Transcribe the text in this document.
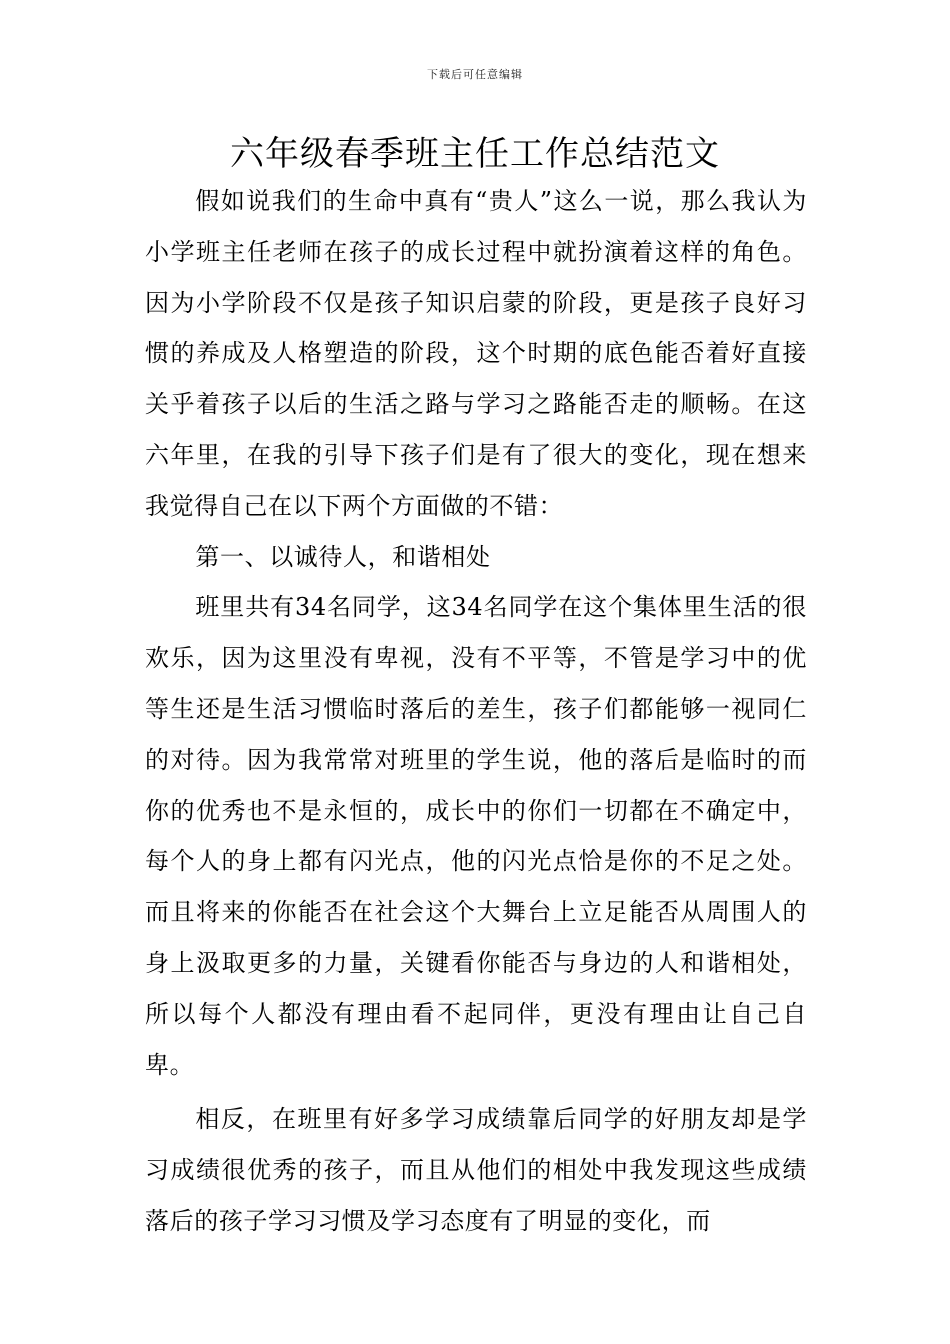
下载后可任意编辑
六年级春季班主任工作总结范文

假如说我们的生命中真有“贵人”这么一说，那么我认为小学班主任老师在孩子的成长过程中就扮演着这样的角色。因为小学阶段不仅是孩子知识启蒙的阶段，更是孩子良好习惯的养成及人格塑造的阶段，这个时期的底色能否着好直接关乎着孩子以后的生活之路与学习之路能否走的顺畅。在这六年里，在我的引导下孩子们是有了很大的变化，现在想来我觉得自己在以下两个方面做的不错：

第一、以诚待人，和谐相处

班里共有34名同学，这34名同学在这个集体里生活的很欢乐，因为这里没有卑视，没有不平等，不管是学习中的优等生还是生活习惯临时落后的差生，孩子们都能够一视同仁的对待。因为我常常对班里的学生说，他的落后是临时的而你的优秀也不是永恒的，成长中的你们一切都在不确定中，每个人的身上都有闪光点，他的闪光点恰是你的不足之处。而且将来的你能否在社会这个大舞台上立足能否从周围人的身上汲取更多的力量，关键看你能否与身边的人和谐相处，所以每个人都没有理由看不起同伴，更没有理由让自己自卑。

相反，在班里有好多学习成绩靠后同学的好朋友却是学习成绩很优秀的孩子，而且从他们的相处中我发现这些成绩落后的孩子学习习惯及学习态度有了明显的变化，而
